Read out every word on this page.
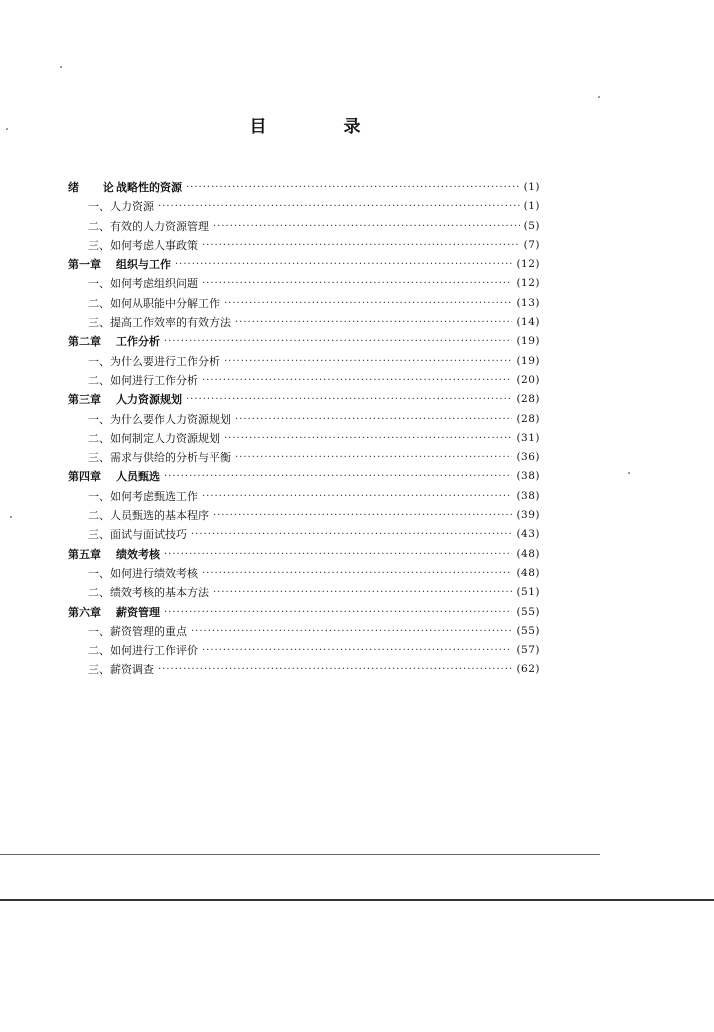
目　录
绪 论战略性的资源 ·····	(1)
一、人力资源 ·····	(1)
二、有效的人力资源管理 ·····	(5)
三、如何考虑人事政策 ·····	(7)
第一章 组织与工作 ·····	(12)
一、如何考虑组织问题 ·····	(12)
二、如何从职能中分解工作 ·····	(13)
三、提高工作效率的有效方法 ·····	(14)
第二章 工作分析 ·····	(19)
一、为什么要进行工作分析 ·····	(19)
二、如何进行工作分析 ·····	(20)
第三章 人力资源规划 ·····	(28)
一、为什么要作人力资源规划 ·····	(28)
二、如何制定人力资源规划 ·····	(31)
三、需求与供给的分析与平衡 ·····	(36)
第四章 人员甄选 ·····	(38)
一、如何考虑甄选工作 ·····	(38)
二、人员甄选的基本程序 ·····	(39)
三、面试与面试技巧 ·····	(43)
第五章 绩效考核 ·····	(48)
一、如何进行绩效考核 ·····	(48)
二、绩效考核的基本方法 ·····	(51)
第六章 薪资管理 ·····	(55)
一、薪资管理的重点 ·····	(55)
二、如何进行工作评价 ·····	(57)
三、薪资调查 ·····	(62)
